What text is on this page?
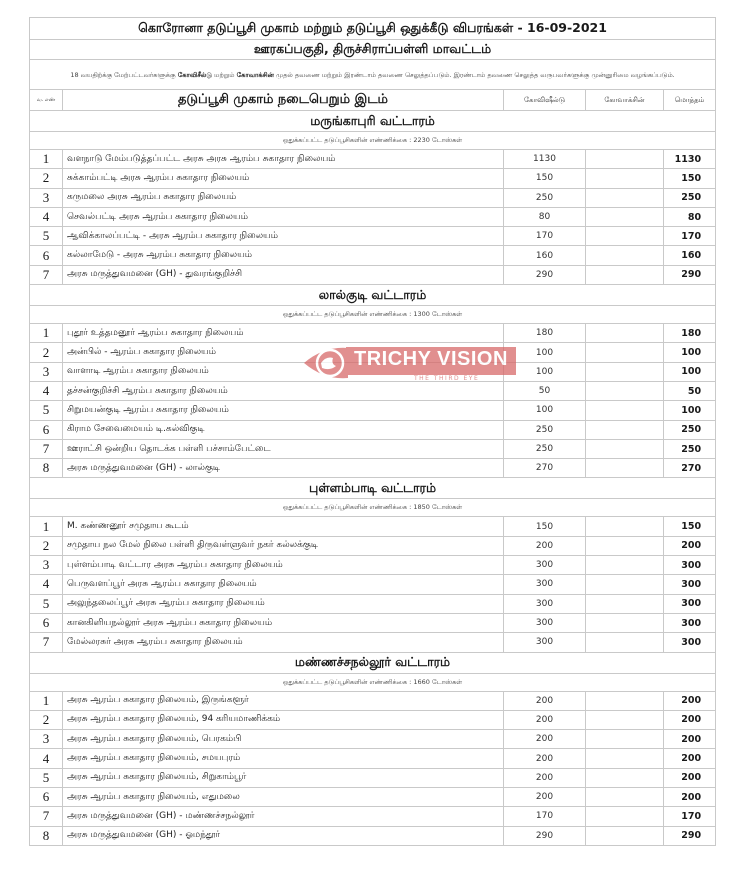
கொரோனா தடுப்பூசி முகாம் மற்றும் தடுப்பூசி ஒதுக்கீடு விபரங்கள் - 16-09-2021				
ஊரகப்பகுதி, திருச்சிராப்பள்ளி மாவட்டம்				
18 வயதிற்க்கு மேற்பட்டவர்களுக்கு கோவிசீல்டு மற்றும் கோவாக்சின் முதல் தவணை மற்றும் இரண்டாம் தவணை செலுத்தப்படும். இரண்டாம் தவணை செலுத்த வருபவர்களுக்கு முன்னுரிமை வழங்கப்படும்.				
வ. எண்	தடுப்பூசி முகாம் நடைபெறும் இடம்	கோவிஷீல்டு	கோவாக்சின்	மொத்தம்
மருங்காபுரி வட்டாரம்				
ஒதுக்கப்பட்ட தடுப்பூசிகளின் எண்ணிக்கை : 2230 டோஸ்கள்				
1	வளநாடு மேம்படுத்தப்பட்ட அரசு அரசு ஆரம்ப சுகாதார நிலையம்	1130		1130
2	சுக்காம்பட்டி அரசு ஆரம்ப சுகாதார நிலையம்	150		150
3	கருமலை அரசு ஆரம்ப சுகாதார நிலையம்	250		250
4	செவல்பட்டி அரசு ஆரம்ப சுகாதார நிலையம்	80		80
5	ஆவிக்காலப்பட்டி - அரசு ஆரம்ப சுகாதார நிலையம்	170		170
6	கல்லாமேடு - அரசு ஆரம்ப சுகாதார நிலையம்	160		160
7	அரசு மருத்துவமனை (GH) - துவரங்குறிச்சி	290		290
லால்குடி வட்டாரம்				
ஒதுக்கப்பட்ட தடுப்பூசிகளின் எண்ணிக்கை : 1300 டோஸ்கள்				
1	புதூர் உத்தமனூர் ஆரம்ப சுகாதார நிலையம்	180		180
2	அன்பில் - ஆரம்ப சுகாதார நிலையம்	100		100
3	வாளாடி ஆரம்ப சுகாதார நிலையம்	100		100
4	தச்சன்குறிச்சி ஆரம்ப சுகாதார நிலையம்	50		50
5	சிறுமயன்குடி ஆரம்ப சுகாதார நிலையம்	100		100
6	கிராம சேவைமையம் டி.கல்விகுடி	250		250
7	ஊராட்சி ஒன்றிய தொடக்க பள்ளி பச்சாம்பேட்டை	250		250
8	அரசு மருத்துவமனை (GH) - லால்குடி	270		270
புள்ளம்பாடி வட்டாரம்				
ஒதுக்கப்பட்ட தடுப்பூசிகளின் எண்ணிக்கை : 1850 டோஸ்கள்				
1	M. கண்ணனூர் சமுதாய கூடம்	150		150
2	சமுதாய நல மேல் நிலை பள்ளி திருவள்ளுவர் நகர் கல்லக்குடி	200		200
3	புள்ளம்பாடி வட்டார அரசு ஆரம்ப சுகாதார நிலையம்	300		300
4	பெருவளப்பூர் அரசு ஆரம்ப சுகாதார நிலையம்	300		300
5	அலுந்தலைப்பூர் அரசு ஆரம்ப சுகாதார நிலையம்	300		300
6	கானகிளியநல்லூர் அரசு ஆரம்ப சுகாதார நிலையம்	300		300
7	மேல்லரசுர் அரசு ஆரம்ப சுகாதார நிலையம்	300		300
மண்ணச்சநல்லூர் வட்டாரம்				
ஒதுக்கப்பட்ட தடுப்பூசிகளின் எண்ணிக்கை : 1660 டோஸ்கள்				
1	அரசு ஆரம்ப சுகாதார நிலையம், இருங்களூர்	200		200
2	அரசு ஆரம்ப சுகாதார நிலையம், 94 கரியமாணிக்கம்	200		200
3	அரசு ஆரம்ப சுகாதார நிலையம், பெரகம்பி	200		200
4	அரசு ஆரம்ப சுகாதார நிலையம், சமயபுரம்	200		200
5	அரசு ஆரம்ப சுகாதார நிலையம், சிறுகாம்பூர்	200		200
6	அரசு ஆரம்ப சுகாதார நிலையம், எதுமலை	200		200
7	அரசு மருத்துவமனை (GH) - மண்ணச்சநல்லூர்	170		170
8	அரசு மருத்துவமனை (GH) - ஓமந்தூர்	290		290
TRICHY VISION
THE THIRD EYE
